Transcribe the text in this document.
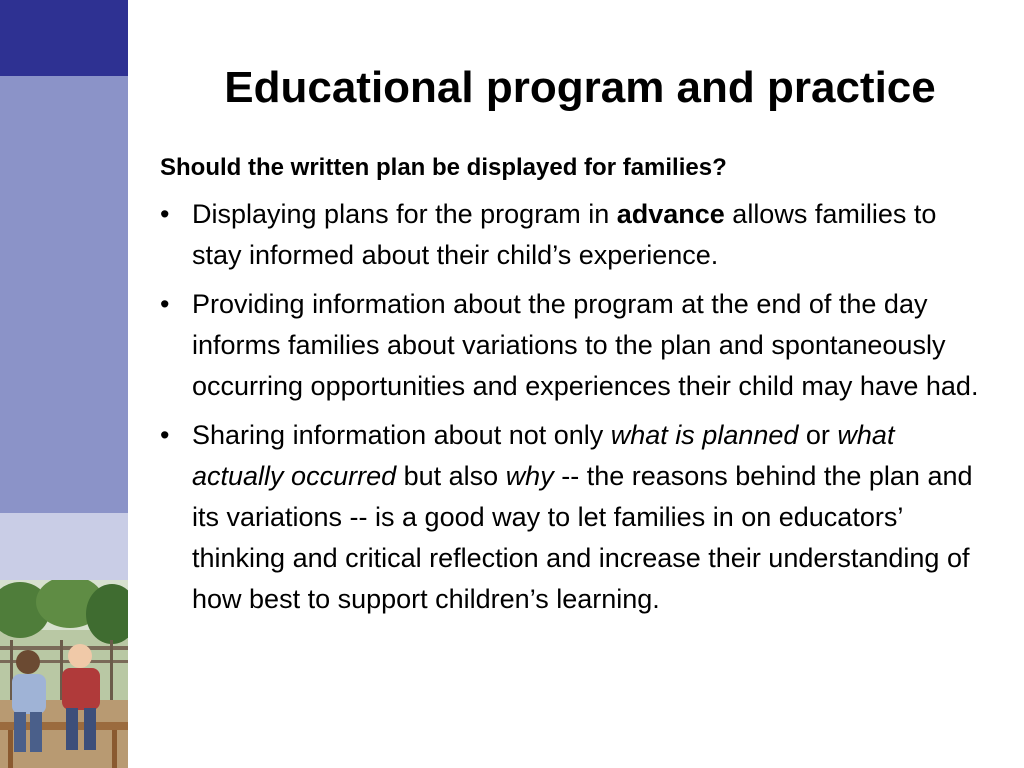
Educational program and practice

Should the written plan be displayed for families?

• Displaying plans for the program in advance allows families to stay informed about their child’s experience.
• Providing information about the program at the end of the day informs families about variations to the plan and spontaneously occurring opportunities and experiences their child may have had.
• Sharing information about not only what is planned or what actually occurred but also why -- the reasons behind the plan and its variations -- is a good way to let families in on educators’ thinking and critical reflection and increase their understanding of how best to support children’s learning.
